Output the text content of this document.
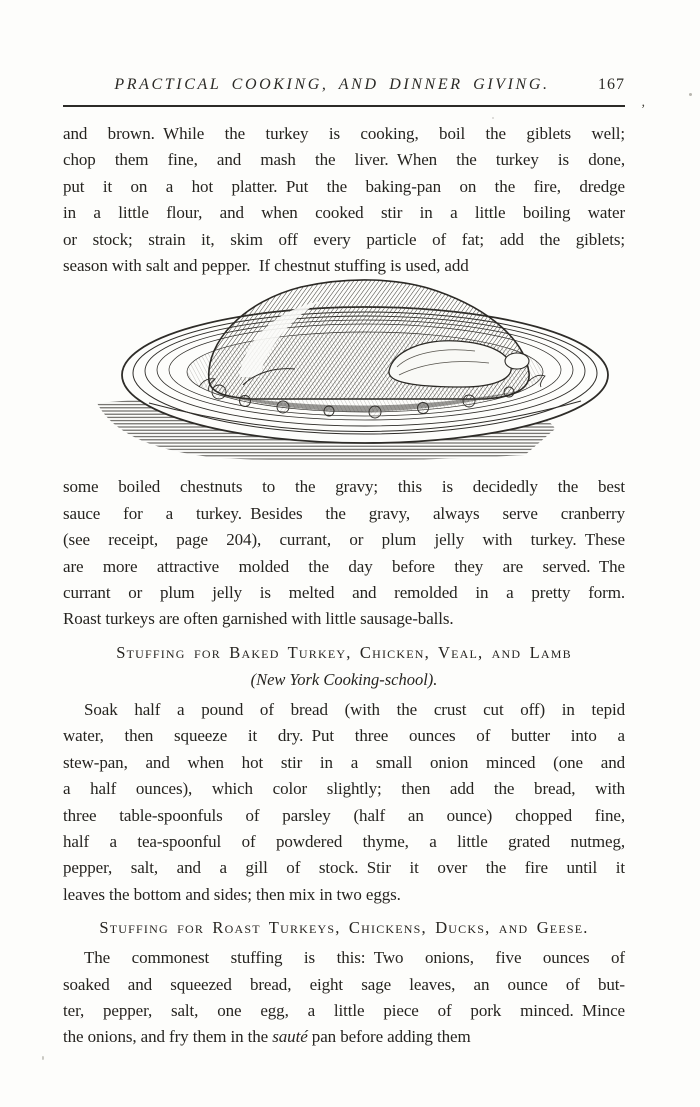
PRACTICAL COOKING, AND DINNER GIVING.	167
,
and brown. While the turkey is cooking, boil the giblets well;
chop them fine, and mash the liver. When the turkey is done,
put it on a hot platter. Put the baking-pan on the fire, dredge
in a little flour, and when cooked stir in a little boiling water
or stock; strain it, skim off every particle of fat; add the giblets;
season with salt and pepper. If chestnut stuffing is used, add
some boiled chestnuts to the gravy; this is decidedly the best
sauce for a turkey. Besides the gravy, always serve cranberry
(see receipt, page 204), currant, or plum jelly with turkey. These
are more attractive molded the day before they are served. The
currant or plum jelly is melted and remolded in a pretty form.
Roast turkeys are often garnished with little sausage-balls.
Stuffing for Baked Turkey, Chicken, Veal, and Lamb
(New York Cooking-school).
Soak half a pound of bread (with the crust cut off) in tepid
water, then squeeze it dry. Put three ounces of butter into a
stew-pan, and when hot stir in a small onion minced (one and
a half ounces), which color slightly; then add the bread, with
three table-spoonfuls of parsley (half an ounce) chopped fine,
half a tea-spoonful of powdered thyme, a little grated nutmeg,
pepper, salt, and a gill of stock. Stir it over the fire until it
leaves the bottom and sides; then mix in two eggs.
Stuffing for Roast Turkeys, Chickens, Ducks, and Geese.
The commonest stuffing is this: Two onions, five ounces of
soaked and squeezed bread, eight sage leaves, an ounce of but-
ter, pepper, salt, one egg, a little piece of pork minced. Mince
the onions, and fry them in the sauté pan before adding them
